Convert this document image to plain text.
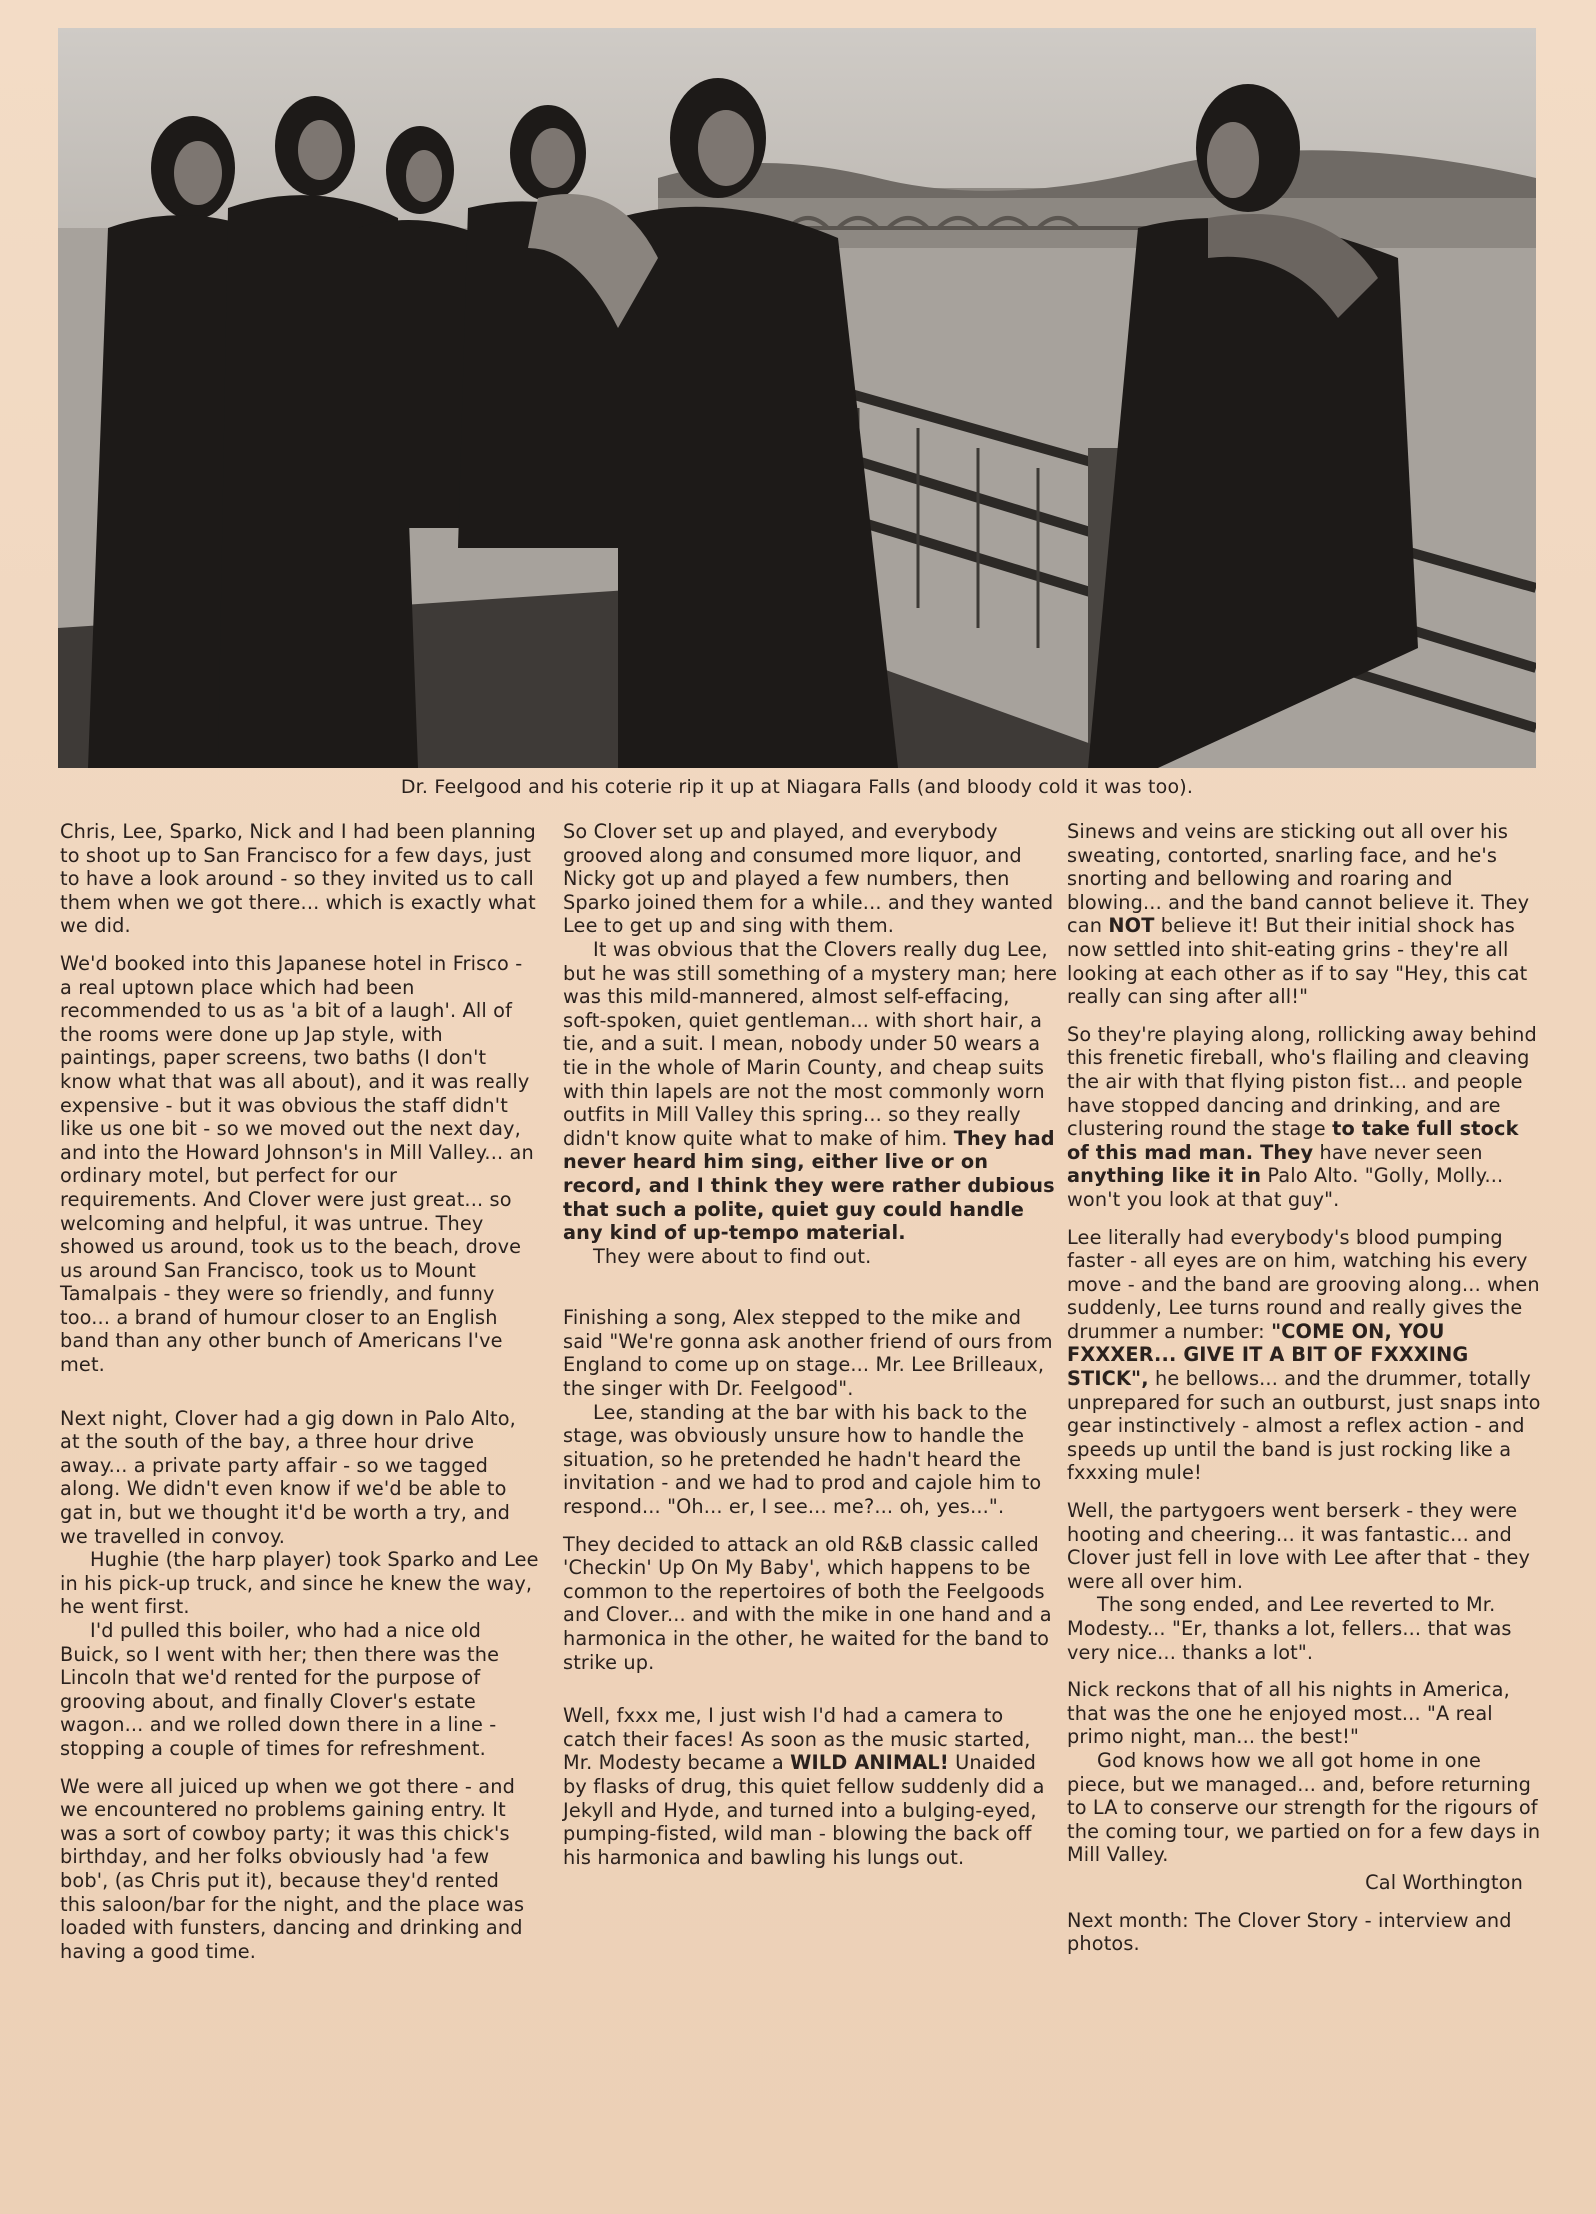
Dr. Feelgood and his coterie rip it up at Niagara Falls (and bloody cold it was too).

Chris, Lee, Sparko, Nick and I had been planning to shoot up to San Francisco for a few days, just to have a look around - so they invited us to call them when we got there... which is exactly what we did.

We'd booked into this Japanese hotel in Frisco - a real uptown place which had been recommended to us as 'a bit of a laugh'. All of the rooms were done up Jap style, with paintings, paper screens, two baths (I don't know what that was all about), and it was really expensive - but it was obvious the staff didn't like us one bit - so we moved out the next day, and into the Howard Johnson's in Mill Valley... an ordinary motel, but perfect for our requirements. And Clover were just great... so welcoming and helpful, it was untrue. They showed us around, took us to the beach, drove us around San Francisco, took us to Mount Tamalpais - they were so friendly, and funny too... a brand of humour closer to an English band than any other bunch of Americans I've met.

Next night, Clover had a gig down in Palo Alto, at the south of the bay, a three hour drive away... a private party affair - so we tagged along. We didn't even know if we'd be able to gat in, but we thought it'd be worth a try, and we travelled in convoy.

Hughie (the harp player) took Sparko and Lee in his pick-up truck, and since he knew the way, he went first.

I'd pulled this boiler, who had a nice old Buick, so I went with her; then there was the Lincoln that we'd rented for the purpose of grooving about, and finally Clover's estate wagon... and we rolled down there in a line - stopping a couple of times for refreshment.

We were all juiced up when we got there - and we encountered no problems gaining entry. It was a sort of cowboy party; it was this chick's birthday, and her folks obviously had 'a few bob', (as Chris put it), because they'd rented this saloon/bar for the night, and the place was loaded with funsters, dancing and drinking and having a good time.

So Clover set up and played, and everybody grooved along and consumed more liquor, and Nicky got up and played a few numbers, then Sparko joined them for a while... and they wanted Lee to get up and sing with them.

It was obvious that the Clovers really dug Lee, but he was still something of a mystery man; here was this mild-mannered, almost self-effacing, soft-spoken, quiet gentleman... with short hair, a tie, and a suit. I mean, nobody under 50 wears a tie in the whole of Marin County, and cheap suits with thin lapels are not the most commonly worn outfits in Mill Valley this spring... so they really didn't know quite what to make of him. They had never heard him sing, either live or on record, and I think they were rather dubious that such a polite, quiet guy could handle any kind of up-tempo material.

They were about to find out.

Finishing a song, Alex stepped to the mike and said "We're gonna ask another friend of ours from England to come up on stage... Mr. Lee Brilleaux, the singer with Dr. Feelgood".

Lee, standing at the bar with his back to the stage, was obviously unsure how to handle the situation, so he pretended he hadn't heard the invitation - and we had to prod and cajole him to respond... "Oh... er, I see... me?... oh, yes...".

They decided to attack an old R&B classic called 'Checkin' Up On My Baby', which happens to be common to the repertoires of both the Feelgoods and Clover... and with the mike in one hand and a harmonica in the other, he waited for the band to strike up.

Well, fxxx me, I just wish I'd had a camera to catch their faces! As soon as the music started, Mr. Modesty became a WILD ANIMAL! Unaided by flasks of drug, this quiet fellow suddenly did a Jekyll and Hyde, and turned into a bulging-eyed, pumping-fisted, wild man - blowing the back off his harmonica and bawling his lungs out.

Sinews and veins are sticking out all over his sweating, contorted, snarling face, and he's snorting and bellowing and roaring and blowing... and the band cannot believe it. They can NOT believe it! But their initial shock has now settled into shit-eating grins - they're all looking at each other as if to say "Hey, this cat really can sing after all!"

So they're playing along, rollicking away behind this frenetic fireball, who's flailing and cleaving the air with that flying piston fist... and people have stopped dancing and drinking, and are clustering round the stage to take full stock of this mad man. They have never seen anything like it in Palo Alto. "Golly, Molly... won't you look at that guy".

Lee literally had everybody's blood pumping faster - all eyes are on him, watching his every move - and the band are grooving along... when suddenly, Lee turns round and really gives the drummer a number: "COME ON, YOU FXXXER... GIVE IT A BIT OF FXXXING STICK", he bellows... and the drummer, totally unprepared for such an outburst, just snaps into gear instinctively - almost a reflex action - and speeds up until the band is just rocking like a fxxxing mule!

Well, the partygoers went berserk - they were hooting and cheering... it was fantastic... and Clover just fell in love with Lee after that - they were all over him.

The song ended, and Lee reverted to Mr. Modesty... "Er, thanks a lot, fellers... that was very nice... thanks a lot".

Nick reckons that of all his nights in America, that was the one he enjoyed most... "A real primo night, man... the best!"

God knows how we all got home in one piece, but we managed... and, before returning to LA to conserve our strength for the rigours of the coming tour, we partied on for a few days in Mill Valley.

Cal Worthington

Next month: The Clover Story - interview and photos.
